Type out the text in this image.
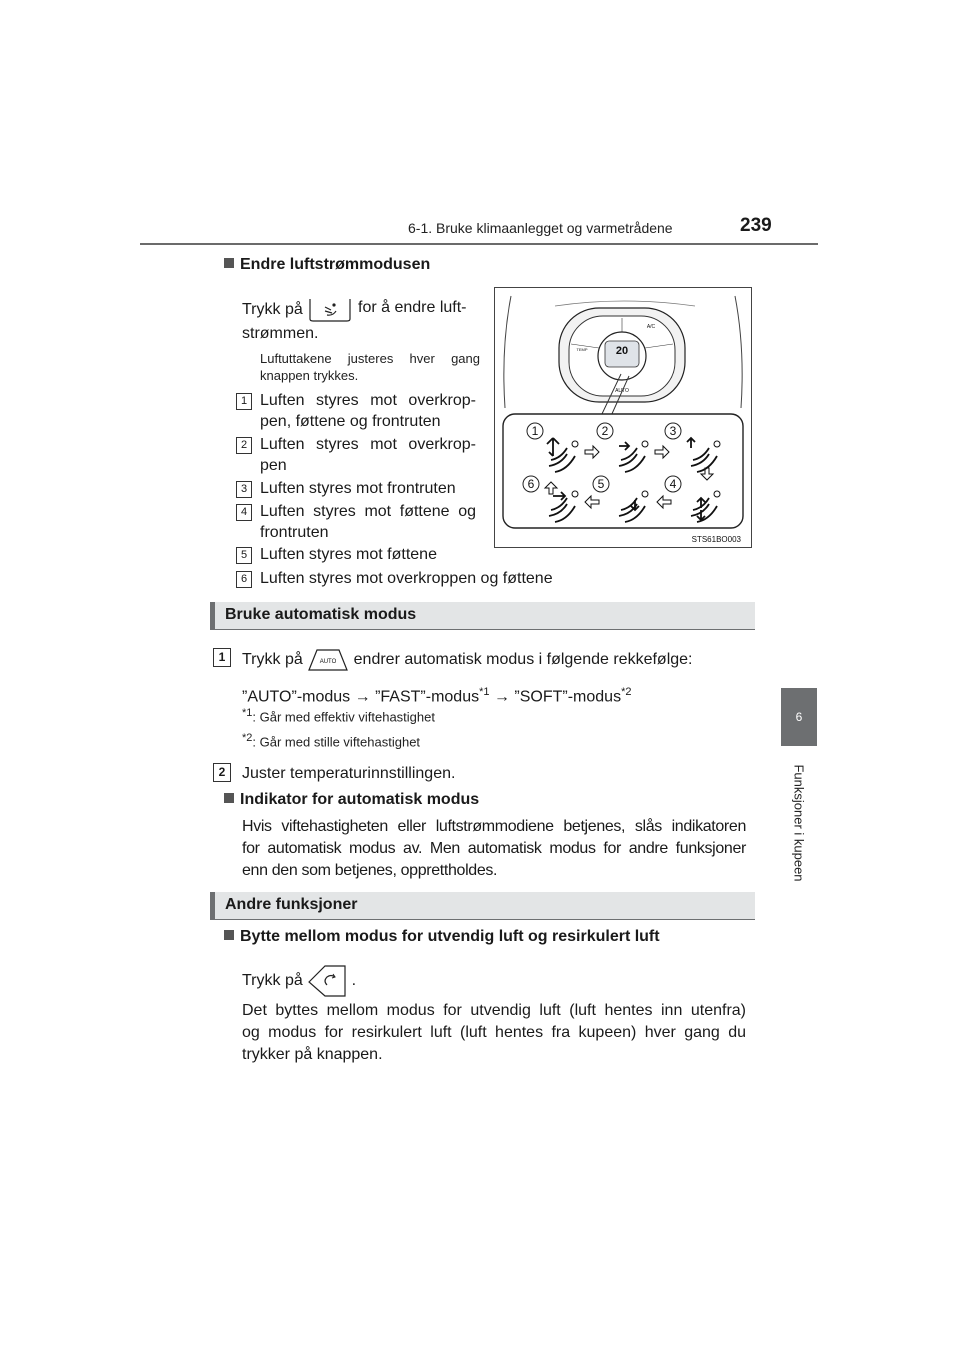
6-1. Bruke klimaanlegget og varmetrådene	239
6
Funksjoner i kupeen
Endre luftstrømmodusen
Trykk på	for å endre luft-
strømmen.
Luftuttakene justeres hver gang
knappen trykkes.
1 Luften styres mot overkrop-
pen, føttene og frontruten
2 Luften styres mot overkrop-
pen
3 Luften styres mot frontruten
4 Luften styres mot føttene og
frontruten
5 Luften styres mot føttene
6 Luften styres mot overkroppen og føttene
20
AUTO
A/C
TEMP
1	2	3
6	5	4
STS61BO003
Bruke automatisk modus
1	Trykk på	AUTO endrer automatisk modus i følgende rekkefølge:
”AUTO”-modus → ”FAST”-modus$^{*1}$ → ”SOFT”-modus$^{*2}$
$^{*1}$: Går med effektiv viftehastighet
$^{*2}$: Går med stille viftehastighet
2	Juster temperaturinnstillingen.
Indikator for automatisk modus
Hvis viftehastigheten eller luftstrømmodiene betjenes, slås indikatoren
for automatisk modus av. Men automatisk modus for andre funksjoner
enn den som betjenes, opprettholdes.
Andre funksjoner
Bytte mellom modus for utvendig luft og resirkulert luft
Trykk på	.
Det byttes mellom modus for utvendig luft (luft hentes inn utenfra)
og modus for resirkulert luft (luft hentes fra kupeen) hver gang du
trykker på knappen.
